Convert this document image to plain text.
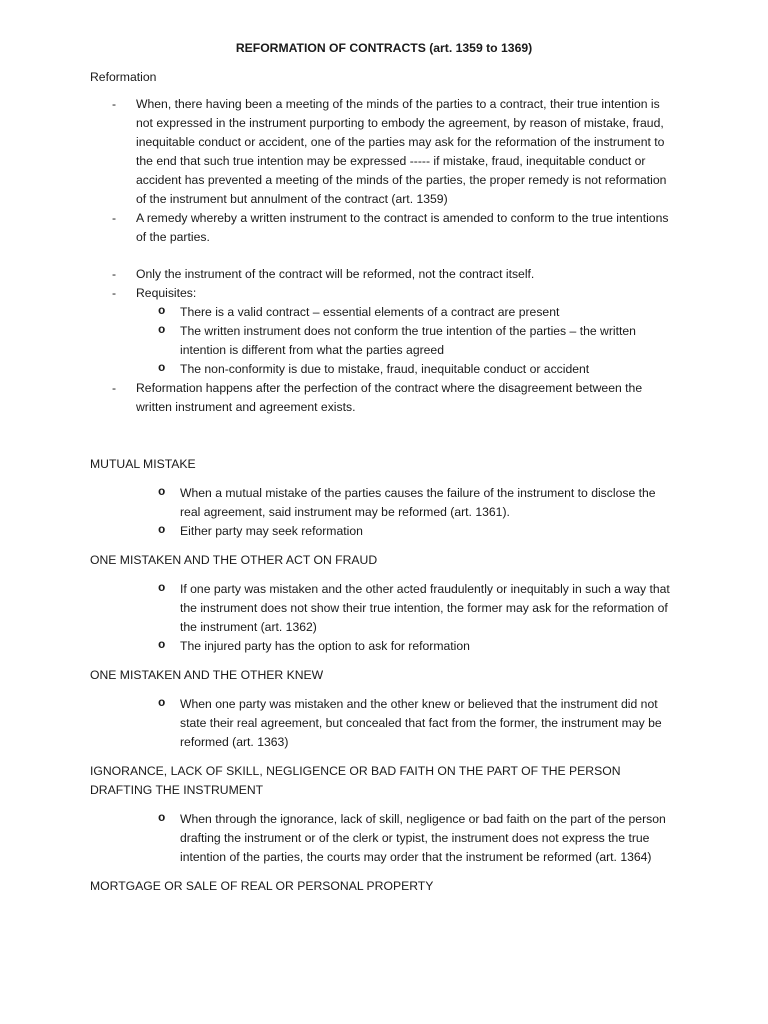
REFORMATION OF CONTRACTS (art. 1359 to 1369)
Reformation
- When, there having been a meeting of the minds of the parties to a contract, their true intention is not expressed in the instrument purporting to embody the agreement, by reason of mistake, fraud, inequitable conduct or accident, one of the parties may ask for the reformation of the instrument to the end that such true intention may be expressed ----- if mistake, fraud, inequitable conduct or accident has prevented a meeting of the minds of the parties, the proper remedy is not reformation of the instrument but annulment of the contract (art. 1359)
- A remedy whereby a written instrument to the contract is amended to conform to the true intentions of the parties.
- Only the instrument of the contract will be reformed, not the contract itself.
- Requisites:
o There is a valid contract – essential elements of a contract are present
o The written instrument does not conform the true intention of the parties – the written intention is different from what the parties agreed
o The non-conformity is due to mistake, fraud, inequitable conduct or accident
- Reformation happens after the perfection of the contract where the disagreement between the written instrument and agreement exists.
MUTUAL MISTAKE
o When a mutual mistake of the parties causes the failure of the instrument to disclose the real agreement, said instrument may be reformed (art. 1361).
o Either party may seek reformation
ONE MISTAKEN AND THE OTHER ACT ON FRAUD
o If one party was mistaken and the other acted fraudulently or inequitably in such a way that the instrument does not show their true intention, the former may ask for the reformation of the instrument (art. 1362)
o The injured party has the option to ask for reformation
ONE MISTAKEN AND THE OTHER KNEW
o When one party was mistaken and the other knew or believed that the instrument did not state their real agreement, but concealed that fact from the former, the instrument may be reformed (art. 1363)
IGNORANCE, LACK OF SKILL, NEGLIGENCE OR BAD FAITH ON THE PART OF THE PERSON DRAFTING THE INSTRUMENT
o When through the ignorance, lack of skill, negligence or bad faith on the part of the person drafting the instrument or of the clerk or typist, the instrument does not express the true intention of the parties, the courts may order that the instrument be reformed (art. 1364)
MORTGAGE OR SALE OF REAL OR PERSONAL PROPERTY
